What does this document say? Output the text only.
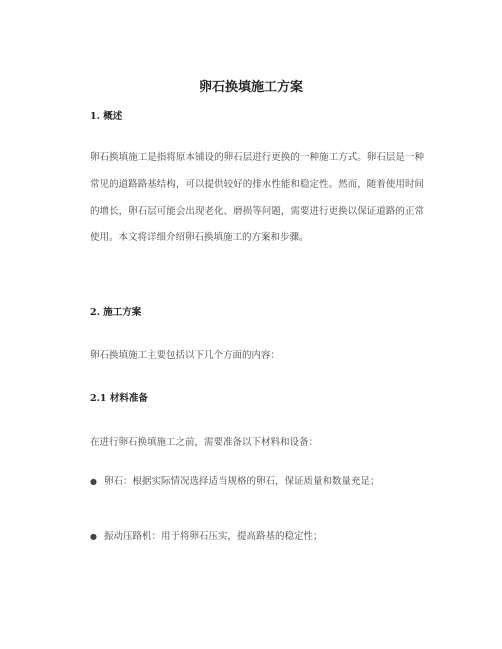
卵石换填施工方案
1. 概述
卵石换填施工是指将原本铺设的卵石层进行更换的一种施工方式。卵石层是一种常见的道路路基结构，可以提供较好的排水性能和稳定性。然而，随着使用时间的增长，卵石层可能会出现老化、磨损等问题，需要进行更换以保证道路的正常使用。本文将详细介绍卵石换填施工的方案和步骤。
2. 施工方案
卵石换填施工主要包括以下几个方面的内容：
2.1 材料准备
在进行卵石换填施工之前，需要准备以下材料和设备：
● 卵石：根据实际情况选择适当规格的卵石，保证质量和数量充足；
● 振动压路机：用于将卵石压实，提高路基的稳定性；
